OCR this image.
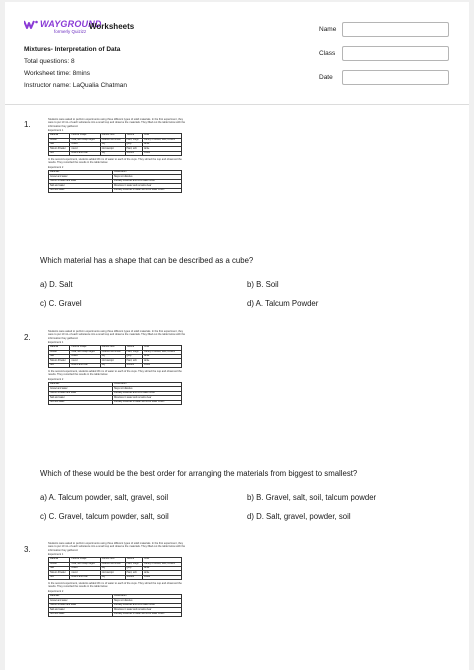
WAYGROUND
formerly Quizizz
Worksheets
Mixtures- Interpretation of Data
Total questions: 8
Worksheet time: 8mins
Instructor name: LaQualia Chatman
Name
Class
Date
1.
Students were asked to perform experiments using three different types of solid materials. In the first experiment, they were to put 10 mL of each substance into a small cup and observe the materials. They filled out the table below with the information they gathered.
Experiment 1
Material	Particle Shape	Particle Size	Texture	Color
Gravel	Oval, with sharp edges	medium and small	Hard, rough	Variety of whites, tans, browns
Salt	cubes	tiny	gritty	white
Talcum Powder	round	microscopic	Hard, soft	white
Soil	Round and oval	tiny	smooth	brown
In the second experiment, students added 30 mL of water to each of the cups. They stirred the cup and observed the results. They recorded the results in the table below.
Experiment 2
Materials	Observation
Gravel and water	Stays not dissolve
Talcum Powder and water	Partially dissolves and turns water white
Salt and water	Dissolves in water and remains clear
Soil and water	Partially dissolves in water and turns water brown
Which material has a shape that can be described as a cube?
a) D. Salt	b) B. Soil
c) C. Gravel	d) A. Talcum Powder
2.
Students were asked to perform experiments using three different types of solid materials. In the first experiment, they were to put 10 mL of each substance into a small cup and observe the materials. They filled out the table below with the information they gathered.
Experiment 1
Material	Particle Shape	Particle Size	Texture	Color
Gravel	Oval, with sharp edges	medium and small	Hard, rough	Variety of whites, tans, browns
Salt	cubes	tiny	gritty	white
Talcum Powder	round	microscopic	Hard, soft	white
Soil	Round and oval	tiny	smooth	brown
In the second experiment, students added 30 mL of water to each of the cups. They stirred the cup and observed the results. They recorded the results in the table below.
Experiment 2
Materials	Observation
Gravel and water	Stays not dissolve
Talcum Powder and water	Partially dissolves and turns water white
Salt and water	Dissolves in water and remains clear
Soil and water	Partially dissolves in water and turns water brown
Which of these would be the best order for arranging the materials from biggest to smallest?
a) A. Talcum powder, salt, gravel, soil	b) B. Gravel, salt, soil, talcum powder
c) C. Gravel, talcum powder, salt, soil	d) D. Salt, gravel, powder, soil
3.
Students were asked to perform experiments using three different types of solid materials. In the first experiment, they were to put 10 mL of each substance into a small cup and observe the materials. They filled out the table below with the information they gathered.
Experiment 1
Material	Particle Shape	Particle Size	Texture	Color
Gravel	Oval, with sharp edges	medium and small	Hard, rough	Variety of whites, tans, browns
Salt	cubes	tiny	gritty	white
Talcum Powder	round	microscopic	Hard, soft	white
Soil	Round and oval	tiny	smooth	brown
In the second experiment, students added 30 mL of water to each of the cups. They stirred the cup and observed the results. They recorded the results in the table below.
Experiment 2
Materials	Observation
Gravel and water	Stays not dissolve
Talcum Powder and water	Partially dissolves and turns water white
Salt and water	Dissolves in water and remains clear
Soil and water	Partially dissolves in water and turns water brown
